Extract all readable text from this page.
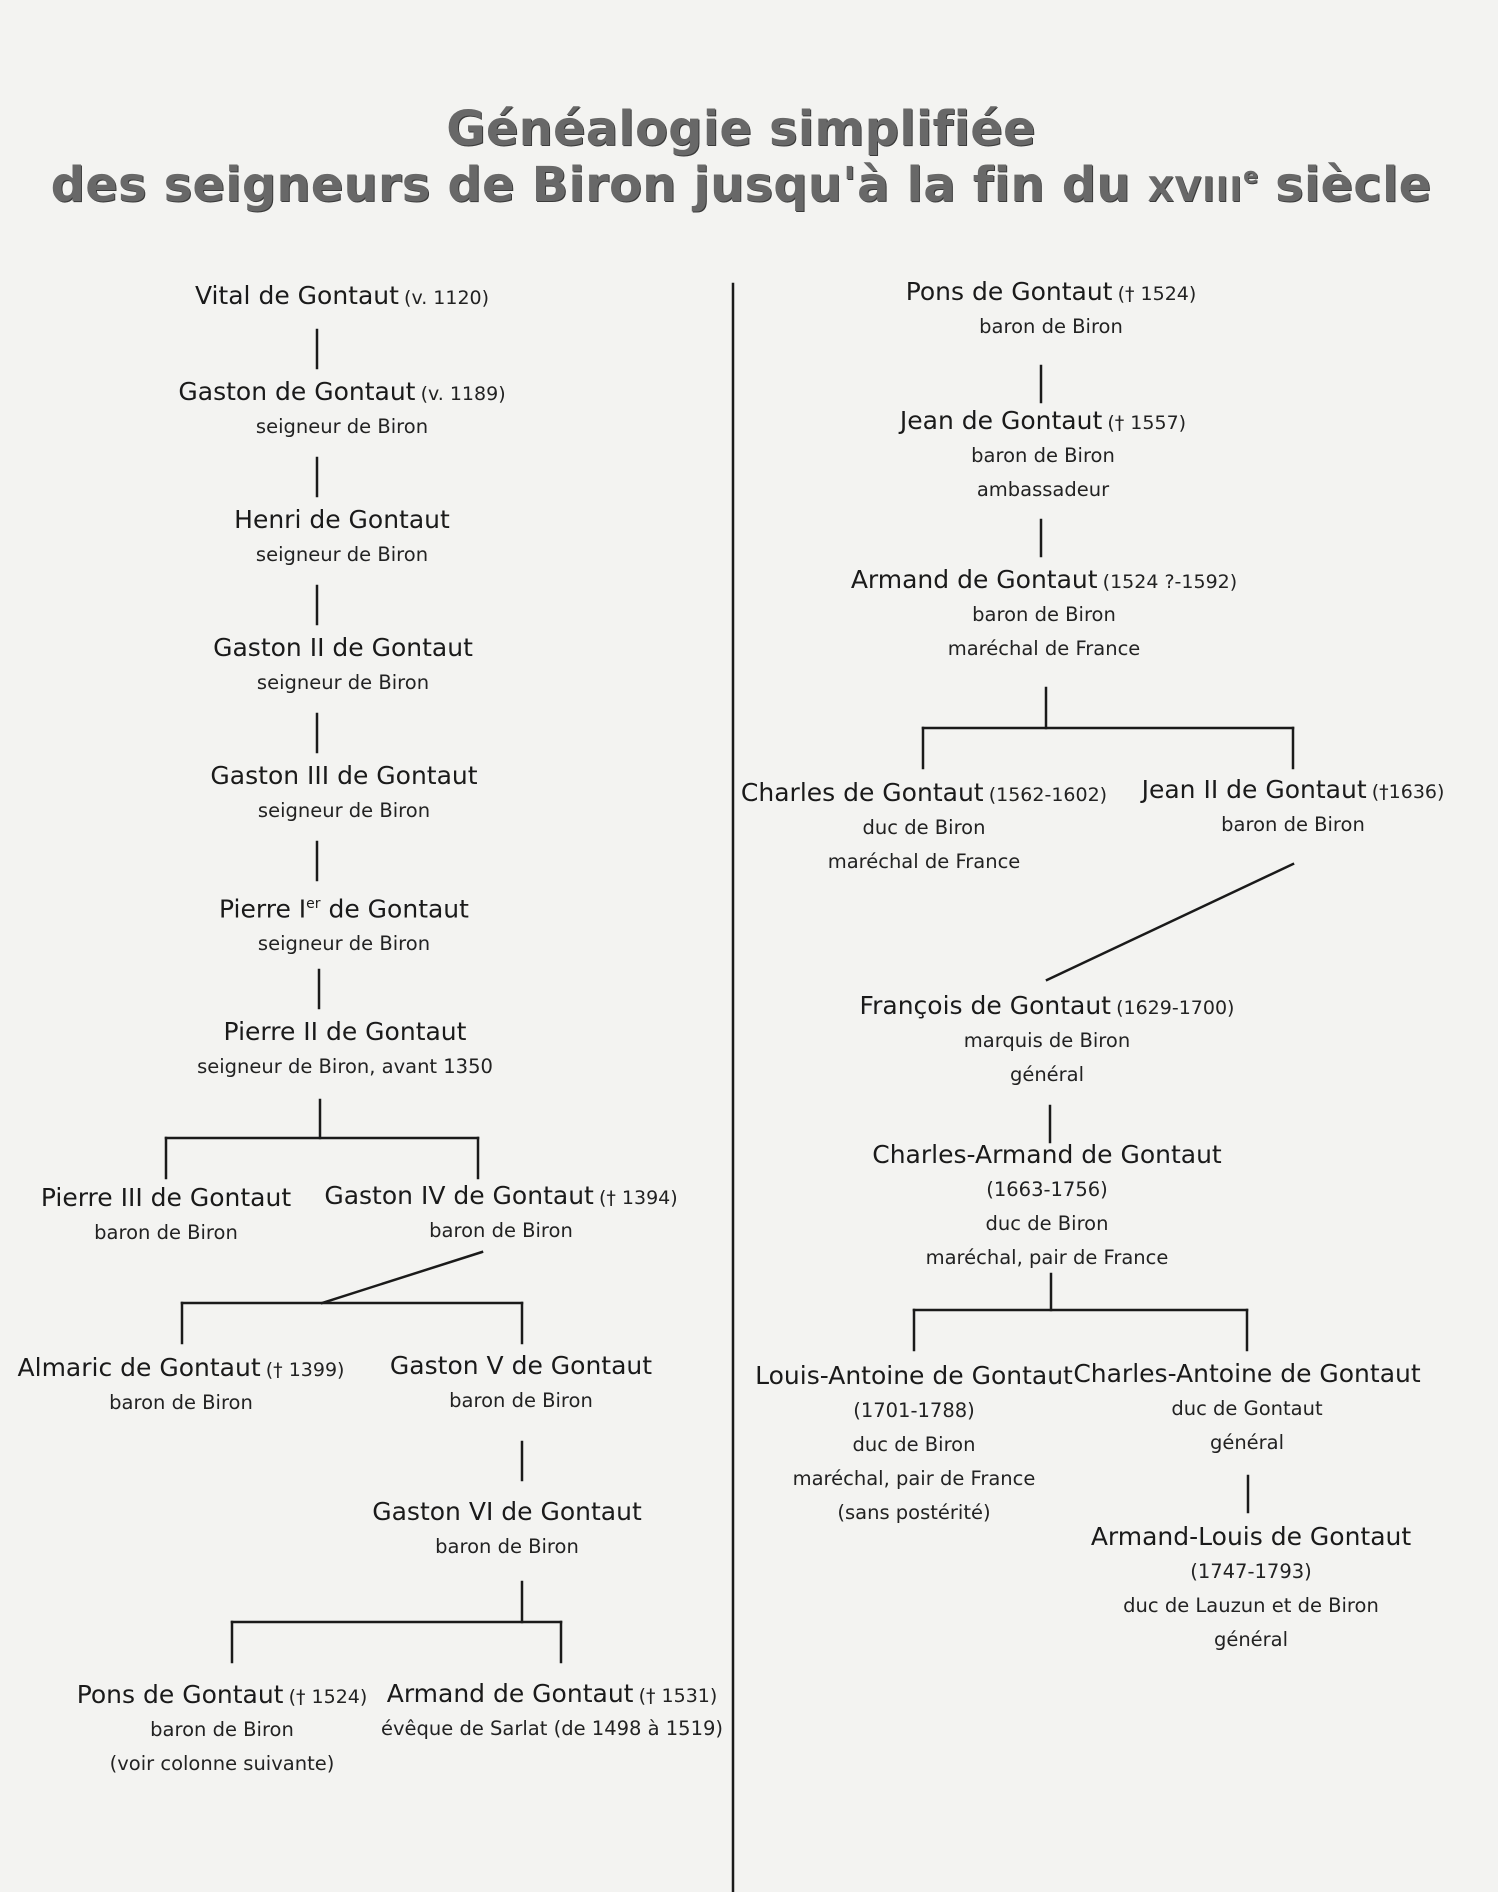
Généalogie simplifiée
des seigneurs de Biron jusqu'à la fin du XVIIIe siècle
Vital de Gontaut (v. 1120)
Gaston de Gontaut (v. 1189)
seigneur de Biron
Henri de Gontaut
seigneur de Biron
Gaston II de Gontaut
seigneur de Biron
Gaston III de Gontaut
seigneur de Biron
Pierre Ier de Gontaut
seigneur de Biron
Pierre II de Gontaut
seigneur de Biron, avant 1350
Pierre III de Gontaut
baron de Biron
Gaston IV de Gontaut († 1394)
baron de Biron
Almaric de Gontaut († 1399)
baron de Biron
Gaston V de Gontaut
baron de Biron
Gaston VI de Gontaut
baron de Biron
Pons de Gontaut († 1524)
baron de Biron
(voir colonne suivante)
Armand de Gontaut († 1531)
évêque de Sarlat (de 1498 à 1519)
Pons de Gontaut († 1524)
baron de Biron
Jean de Gontaut († 1557)
baron de Biron
ambassadeur
Armand de Gontaut (1524 ?-1592)
baron de Biron
maréchal de France
Charles de Gontaut (1562-1602)
duc de Biron
maréchal de France
Jean II de Gontaut (†1636)
baron de Biron
François de Gontaut (1629-1700)
marquis de Biron
général
Charles-Armand de Gontaut
(1663-1756)
duc de Biron
maréchal, pair de France
Louis-Antoine de Gontaut
(1701-1788)
duc de Biron
maréchal, pair de France
(sans postérité)
Charles-Antoine de Gontaut
duc de Gontaut
général
Armand-Louis de Gontaut
(1747-1793)
duc de Lauzun et de Biron
général
